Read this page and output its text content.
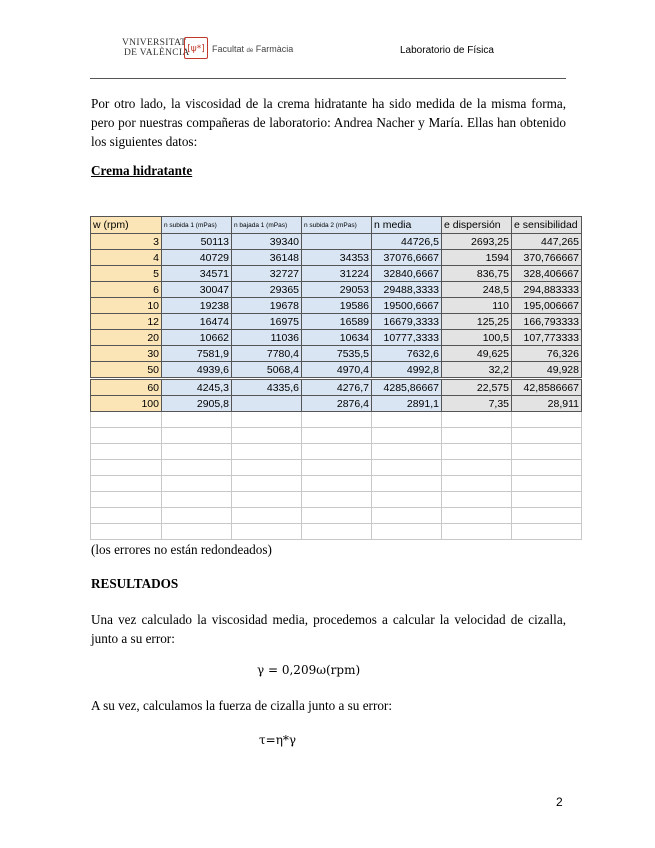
VNIVERSITAT
DE VALÈNCIA
[ψ*] Facultat de Farmàcia	Laboratorio de Física
Por otro lado, la viscosidad de la crema hidratante ha sido medida de la misma forma, pero por nuestras compañeras de laboratorio: Andrea Nacher y María. Ellas han obtenido los siguientes datos:
Crema hidratante
w (rpm)	n subida 1 (mPas)	n bajada 1 (mPas)	n subida 2 (mPas)	n media	e dispersión	e sensibilidad
3	50113	39340		44726,5	2693,25	447,265
4	40729	36148	34353	37076,6667	1594	370,766667
5	34571	32727	31224	32840,6667	836,75	328,406667
6	30047	29365	29053	29488,3333	248,5	294,883333
10	19238	19678	19586	19500,6667	110	195,006667
12	16474	16975	16589	16679,3333	125,25	166,793333
20	10662	11036	10634	10777,3333	100,5	107,773333
30	7581,9	7780,4	7535,5	7632,6	49,625	76,326
50	4939,6	5068,4	4970,4	4992,8	32,2	49,928
60	4245,3	4335,6	4276,7	4285,86667	22,575	42,8586667
100	2905,8		2876,4	2891,1	7,35	28,911

(los errores no están redondeados)
RESULTADOS
Una vez calculado la viscosidad media, procedemos a calcular la velocidad de cizalla, junto a su error:
γ = 0,209ω(rpm)
A su vez, calculamos la fuerza de cizalla junto a su error:
τ=η*γ
2
